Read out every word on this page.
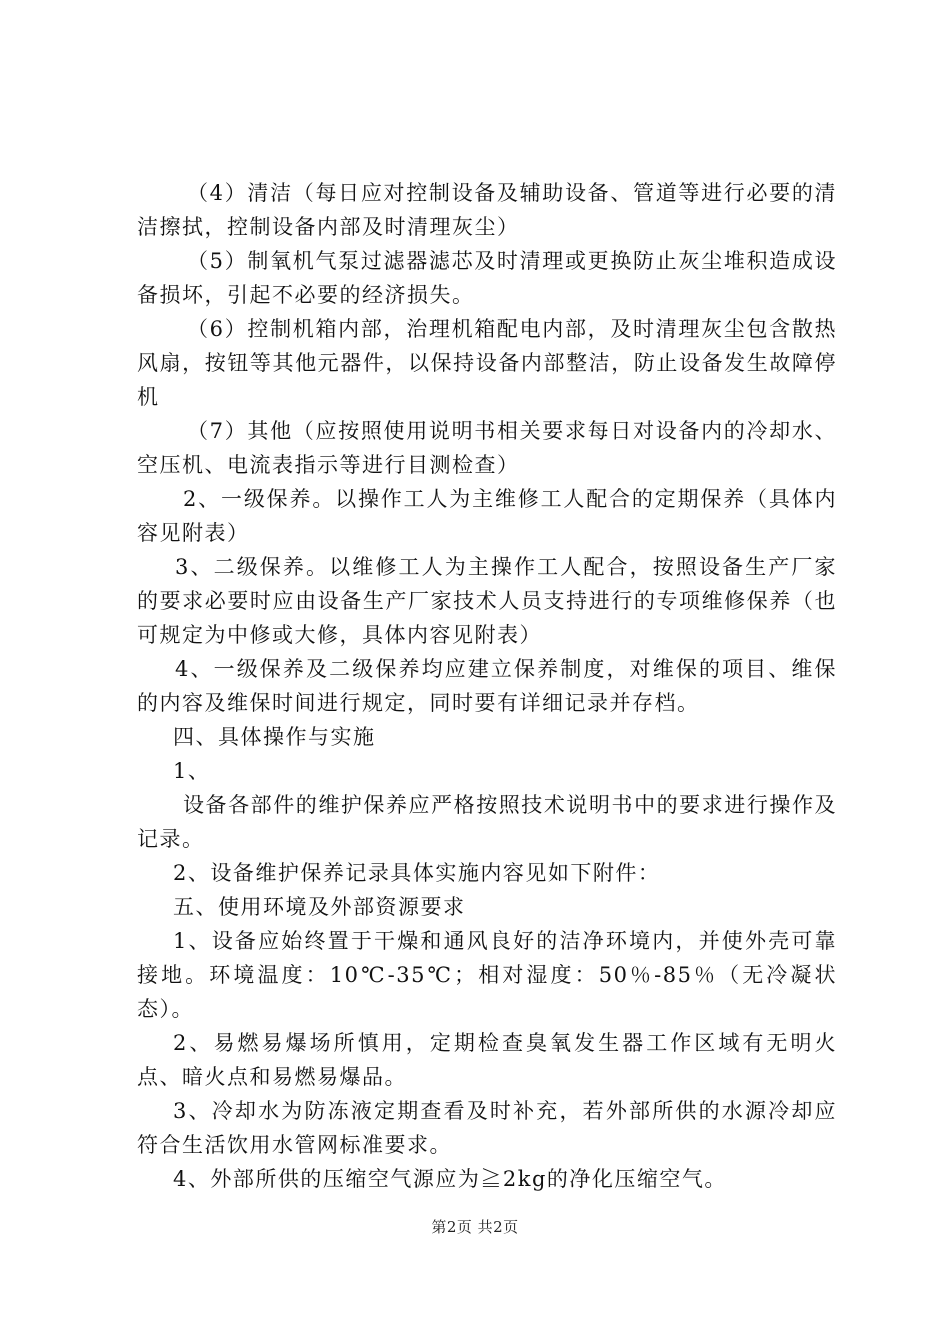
（4）清洁（每日应对控制设备及辅助设备、管道等进行必要的清洁擦拭，控制设备内部及时清理灰尘）

（5）制氧机气泵过滤器滤芯及时清理或更换防止灰尘堆积造成设备损坏，引起不必要的经济损失。

（6）控制机箱内部，治理机箱配电内部，及时清理灰尘包含散热风扇，按钮等其他元器件，以保持设备内部整洁，防止设备发生故障停机

（7）其他（应按照使用说明书相关要求每日对设备内的冷却水、空压机、电流表指示等进行目测检查）

2、一级保养。以操作工人为主维修工人配合的定期保养（具体内容见附表）

3、二级保养。以维修工人为主操作工人配合，按照设备生产厂家的要求必要时应由设备生产厂家技术人员支持进行的专项维修保养（也可规定为中修或大修，具体内容见附表）

4、一级保养及二级保养均应建立保养制度，对维保的项目、维保的内容及维保时间进行规定，同时要有详细记录并存档。

四、具体操作与实施

1、

设备各部件的维护保养应严格按照技术说明书中的要求进行操作及记录。

2、设备维护保养记录具体实施内容见如下附件：

五、使用环境及外部资源要求

1、设备应始终置于干燥和通风良好的洁净环境内，并使外壳可靠接地。环境温度：10℃-35℃；相对湿度：50％-85％（无冷凝状态）。

2、易燃易爆场所慎用，定期检查臭氧发生器工作区域有无明火点、暗火点和易燃易爆品。

3、冷却水为防冻液定期查看及时补充，若外部所供的水源冷却应符合生活饮用水管网标准要求。

4、外部所供的压缩空气源应为≧2kg的净化压缩空气。

第2页 共2页
